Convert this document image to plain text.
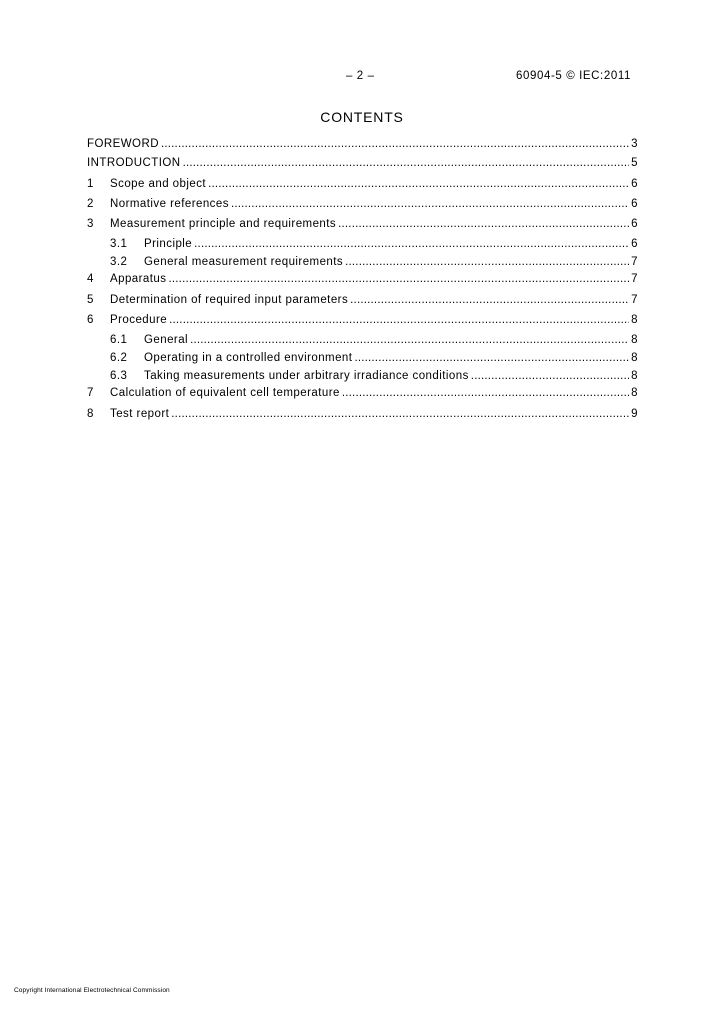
– 2 –	60904-5 © IEC:2011
CONTENTS
FOREWORD .....	3
INTRODUCTION .....	5
1	Scope and object .....	6
2	Normative references .....	6
3	Measurement principle and requirements .....	6
3.1	Principle .....	6
3.2	General measurement requirements .....	7
4	Apparatus .....	7
5	Determination of required input parameters .....	7
6	Procedure .....	8
6.1	General .....	8
6.2	Operating in a controlled environment .....	8
6.3	Taking measurements under arbitrary irradiance conditions .....	8
7	Calculation of equivalent cell temperature .....	8
8	Test report .....	9
Copyright International Electrotechnical Commission
